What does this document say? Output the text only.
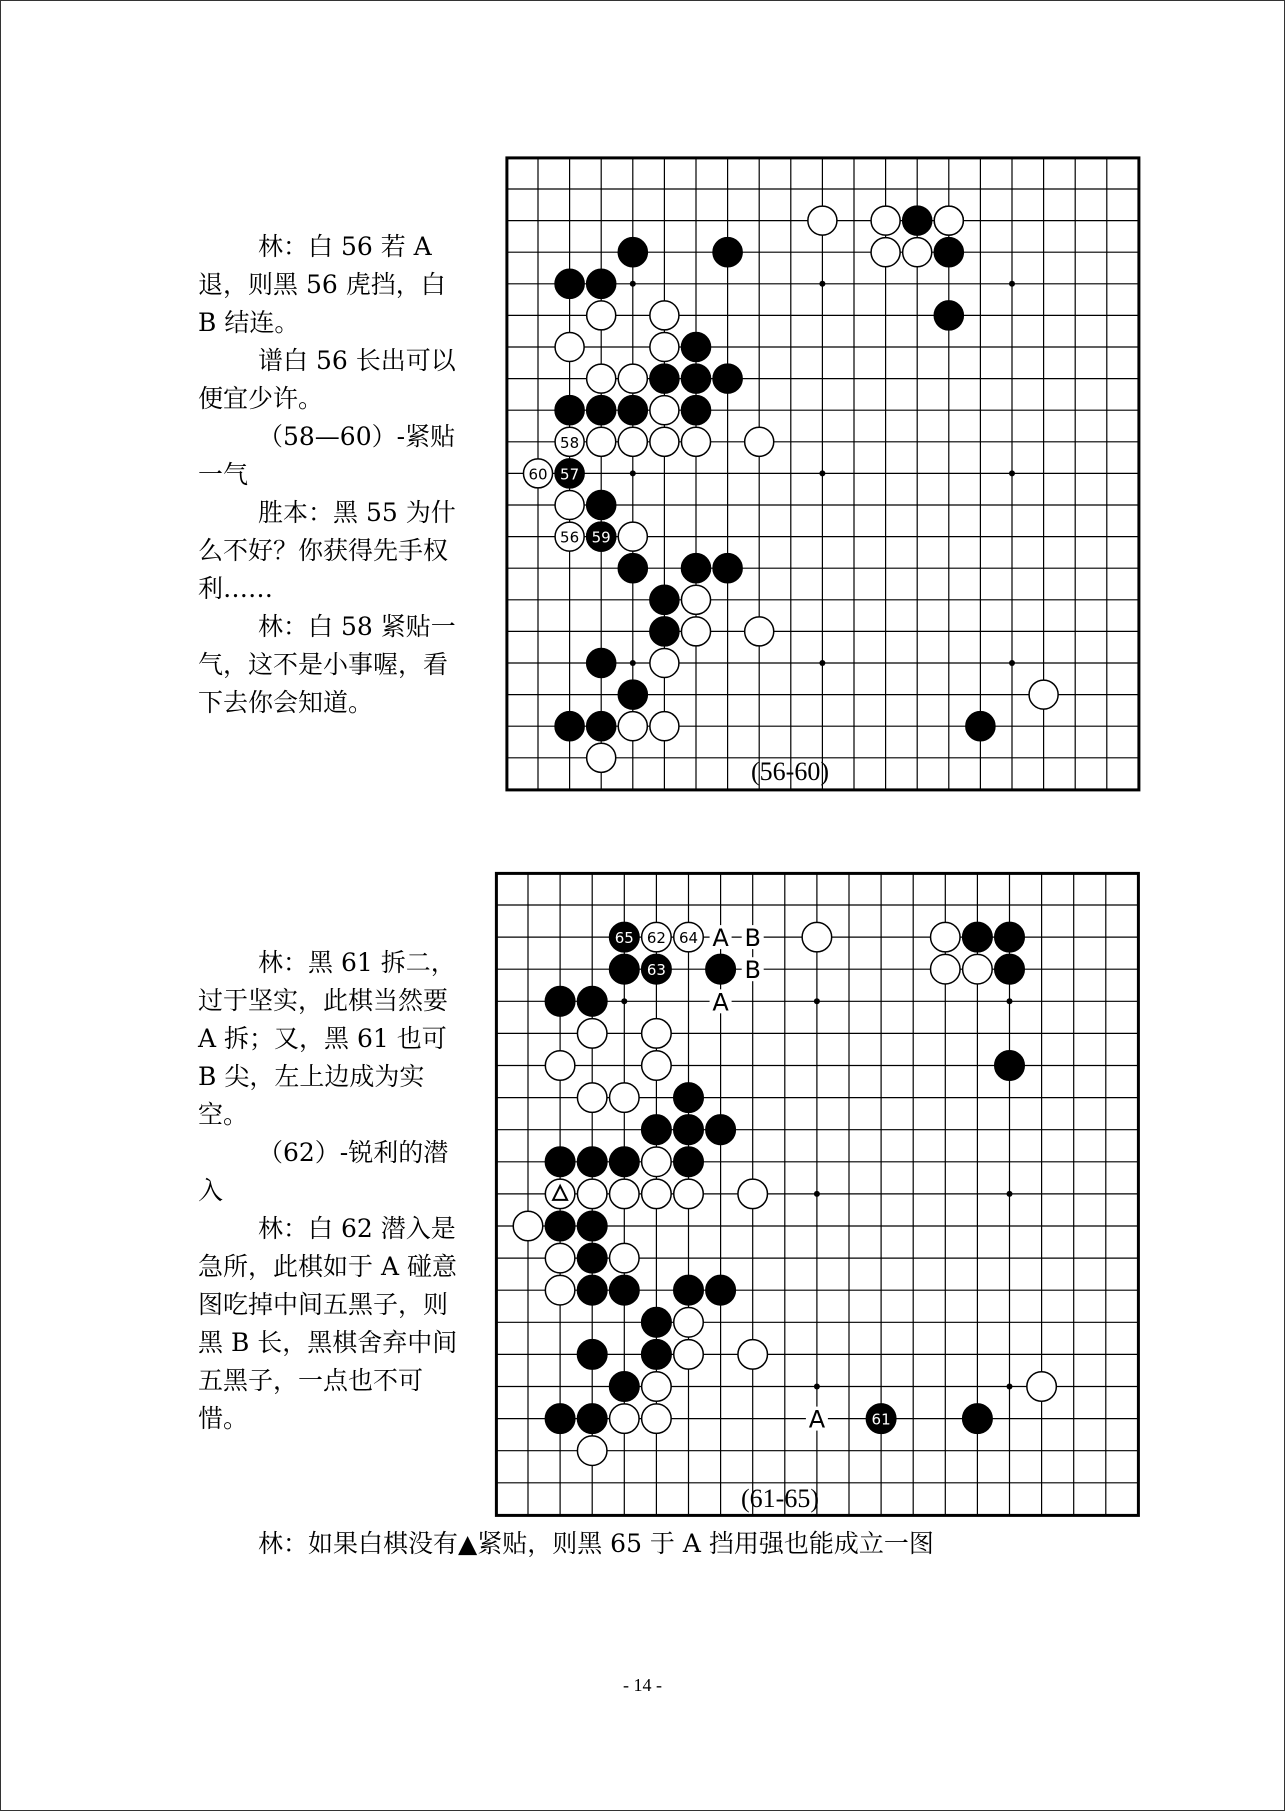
林：白 56 若 A 退，则黑 56 虎挡，白 B 结连。

谱白 56 长出可以便宜少许。

（58—60）-紧贴一气

胜本：黑 55 为什么不好？你获得先手权利……

林：白 58 紧贴一气，这不是小事喔，看下去你会知道。

58
57
60
56 59
(56-60)

林：黑 61 拆二，过于坚实，此棋当然要 A 拆；又，黑 61 也可 B 尖，左上边成为实空。

（62）-锐利的潜入

林：白 62 潜入是急所，此棋如于 A 碰意图吃掉中间五黑子，则黑 B 长，黑棋舍弃中间五黑子，一点也不可惜。

65 62 64
63
61
A B
B
A
A
(61-65)

林：如果白棋没有▲紧贴，则黑 65 于 A 挡用强也能成立一图

- 14 -
